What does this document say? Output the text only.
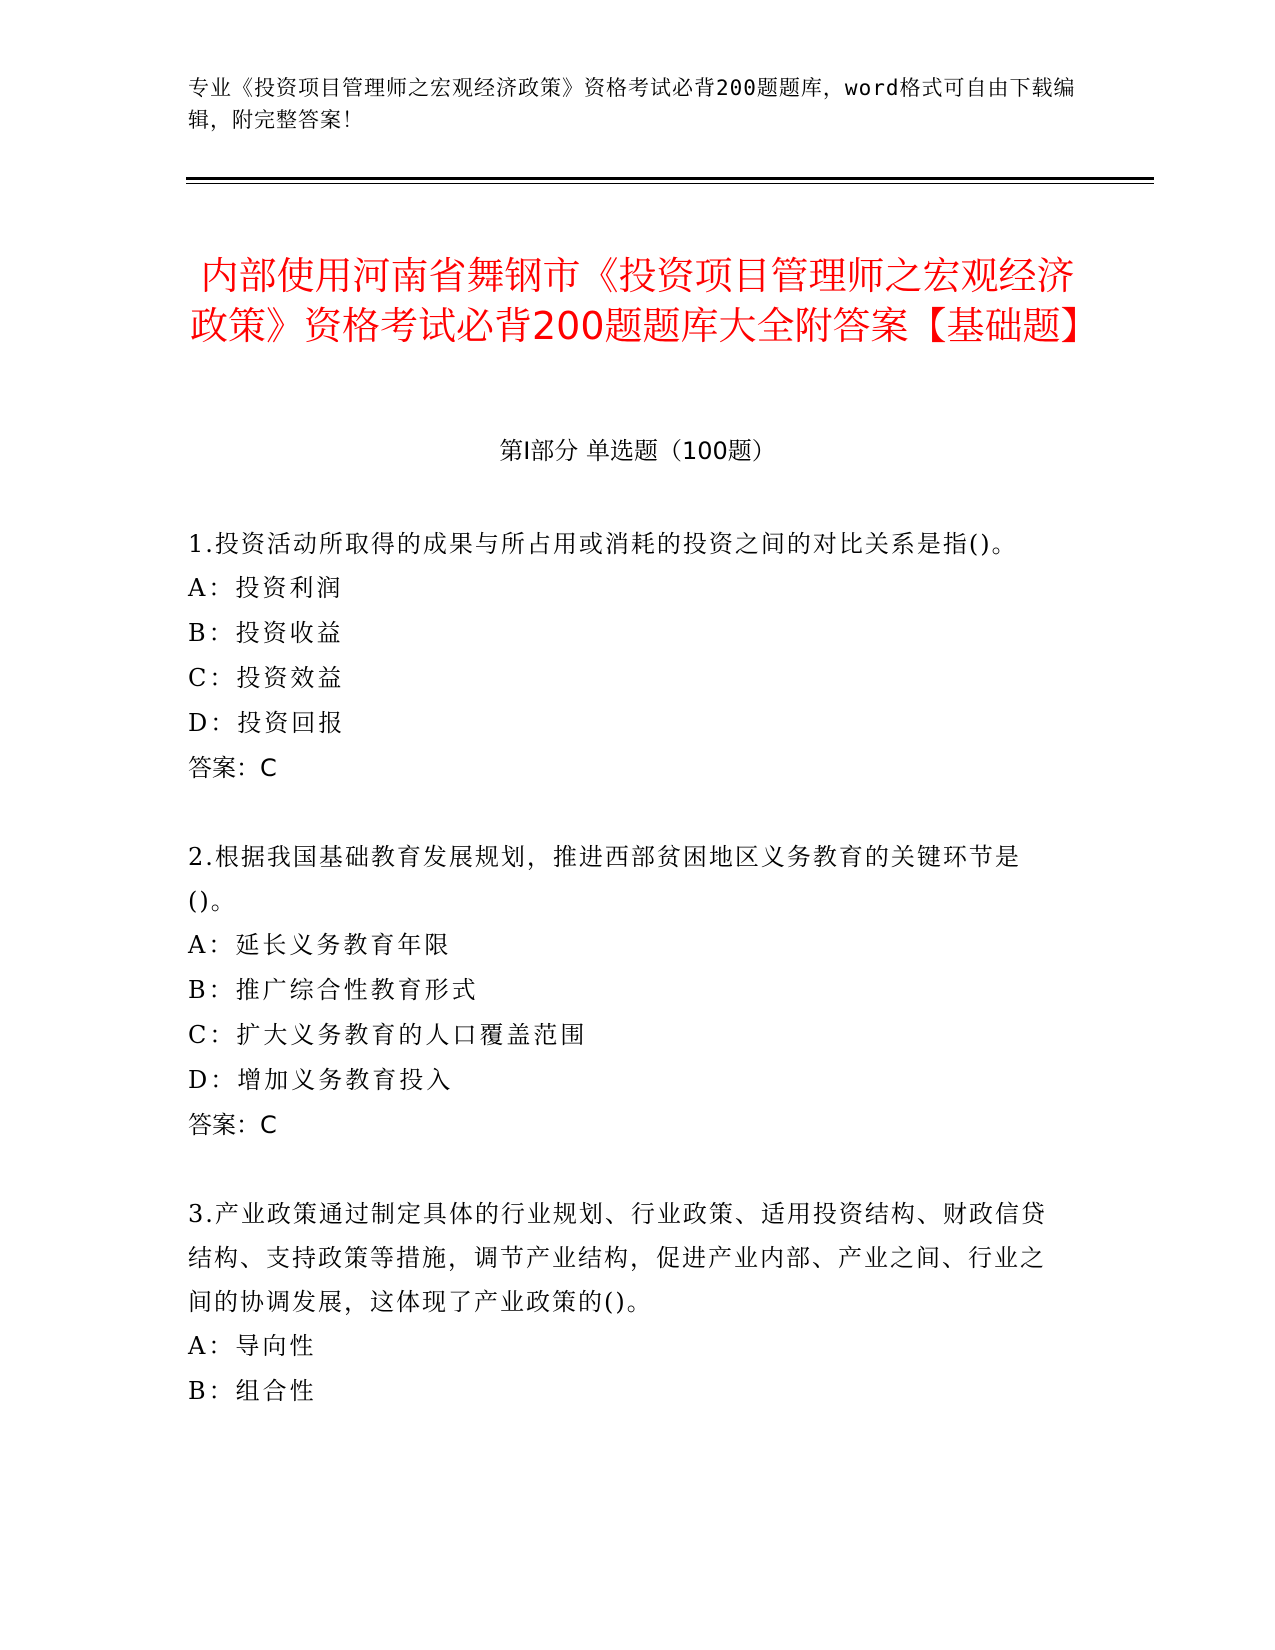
专业《投资项目管理师之宏观经济政策》资格考试必背200题题库，word格式可自由下载编辑，附完整答案！
内部使用河南省舞钢市《投资项目管理师之宏观经济政策》资格考试必背200题题库大全附答案【基础题】
第Ⅰ部分 单选题（100题）
1.投资活动所取得的成果与所占用或消耗的投资之间的对比关系是指()。
A：投资利润
B：投资收益
C：投资效益
D：投资回报
答案：C
2.根据我国基础教育发展规划，推进西部贫困地区义务教育的关键环节是()。
A：延长义务教育年限
B：推广综合性教育形式
C：扩大义务教育的人口覆盖范围
D：增加义务教育投入
答案：C
3.产业政策通过制定具体的行业规划、行业政策、适用投资结构、财政信贷结构、支持政策等措施，调节产业结构，促进产业内部、产业之间、行业之间的协调发展，这体现了产业政策的()。
A：导向性
B：组合性
